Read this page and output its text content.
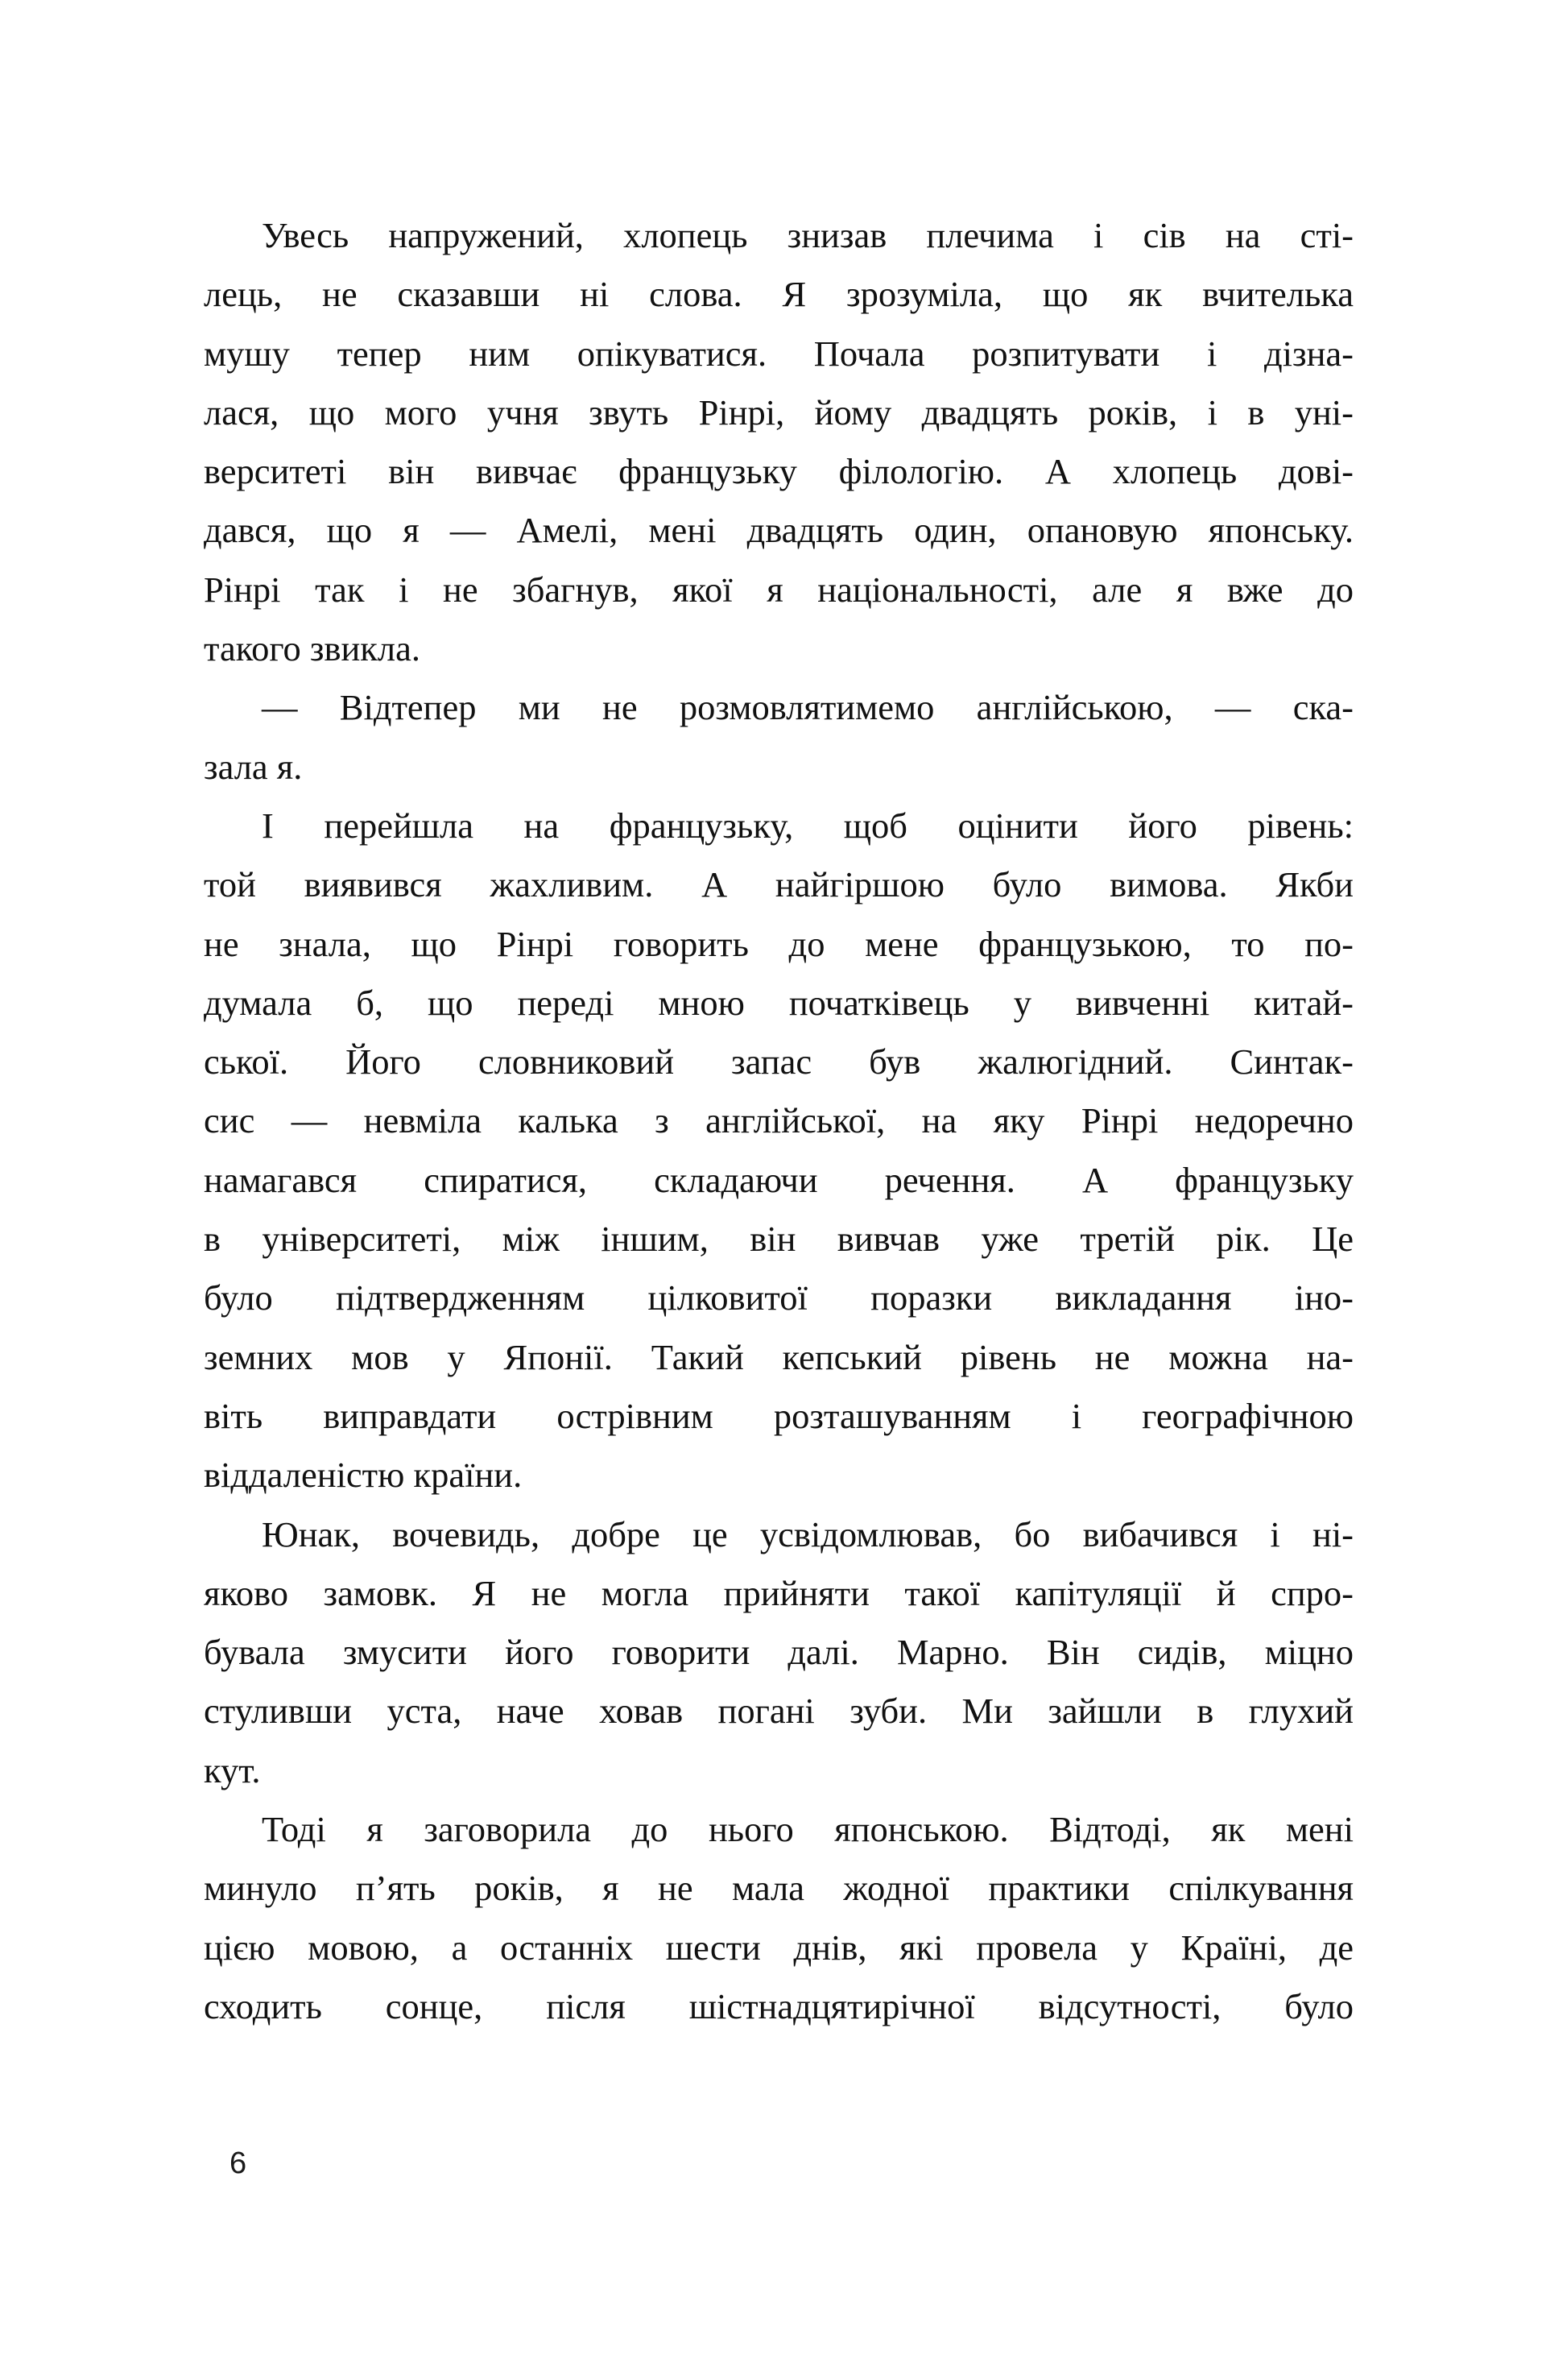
Увесь напружений, хлопець знизав плечима і сів на сті-
лець, не сказавши ні слова. Я зрозуміла, що як вчителька
мушу тепер ним опікуватися. Почала розпитувати і дізна-
лася, що мого учня звуть Рінрі, йому двадцять років, і в уні-
верситеті він вивчає французьку філологію. А хлопець дові-
дався, що я — Амелі, мені двадцять один, опановую японську.
Рінрі так і не збагнув, якої я національності, але я вже до
такого звикла.
— Відтепер ми не розмовлятимемо англійською, — ска-
зала я.
І перейшла на французьку, щоб оцінити його рівень:
той виявився жахливим. А найгіршою було вимова. Якби
не знала, що Рінрі говорить до мене французькою, то по-
думала б, що переді мною початківець у вивченні китай-
ської. Його словниковий запас був жалюгідний. Синтак-
сис — невміла калька з англійської, на яку Рінрі недоречно
намагався спиратися, складаючи речення. А французьку
в університеті, між іншим, він вивчав уже третій рік. Це
було підтвердженням цілковитої поразки викладання іно-
земних мов у Японії. Такий кепський рівень не можна на-
віть виправдати острівним розташуванням і географічною
віддаленістю країни.
Юнак, вочевидь, добре це усвідомлював, бо вибачився і ні-
яково замовк. Я не могла прийняти такої капітуляції й спро-
бувала змусити його говорити далі. Марно. Він сидів, міцно
стуливши уста, наче ховав погані зуби. Ми зайшли в глухий
кут.
Тоді я заговорила до нього японською. Відтоді, як мені
минуло п’ять років, я не мала жодної практики спілкування
цією мовою, а останніх шести днів, які провела у Країні, де
сходить сонце, після шістнадцятирічної відсутності, було
6
